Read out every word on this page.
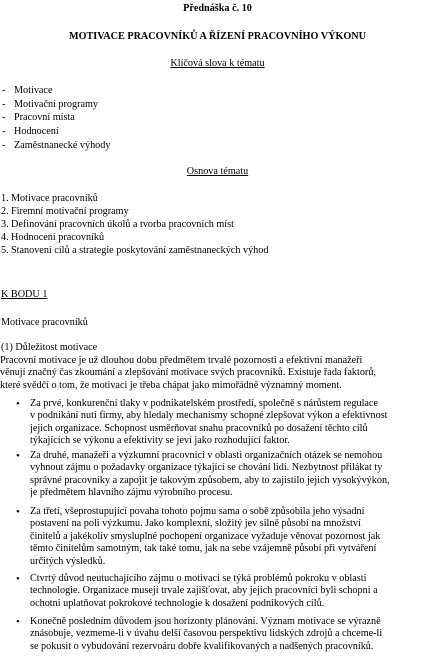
Přednáška č. 10
MOTIVACE PRACOVNÍKŮ A ŘÍZENÍ PRACOVNÍHO VÝKONU
Klíčová slova k tématu
- Motivace
- Motivační programy
- Pracovní místa
- Hodnocení
- Zaměstnanecké výhody
Osnova tématu
1. Motivace pracovníků
2. Firemní motivační programy
3. Definování pracovních úkolů a tvorba pracovních míst
4. Hodnocení pracovníků
5. Stanovení cílů a strategie poskytování zaměstnaneckých výhod
K BODU 1
Motivace pracovníků
(1) Důležitost motivace
Pracovní motivace je už dlouhou dobu předmětem trvalé pozornosti a efektivní manažeři
věnují značný čas zkoumání a zlepšování motivace svých pracovníků. Existuje řada faktorů,
které svědčí o tom, že motivaci je třeba chápat jako mimořádně významný moment.
• Za prvé, konkurenční tlaky v podnikatelském prostředí, společně s nárůstem regulace
v podnikání nutí firmy, aby hledaly mechanismy schopné zlepšovat výkon a efektivnost
jejich organizace. Schopnost usměrňovat snahu pracovníků po dosažení těchto cílů
týkajících se výkonu a efektivity se jeví jako rozhodující faktor.
• Za druhé, manažeři a výzkumní pracovníci v oblasti organizačních otázek se nemohou
vyhnout zájmu o požadavky organizace týkající se chování lidí. Nezbytnost přilákat ty
správné pracovníky a zapojit je takovým způsobem, aby to zajistilo jejich vysokývýkon,
je předmětem hlavního zájmu výrobního procesu.
• Za třetí, všeprostupující povaha tohoto pojmu sama o sobě způsobila jeho výsadní
postavení na poli výzkumu. Jako komplexní, složitý jev silně působí na množství
činitelů a jakékoliv smysluplné pochopení organizace vyžaduje věnovat pozornost jak
těmto činitelům samotným, tak také tomu, jak na sebe vzájemně působí při vytváření
určitých výsledků.
• Čtvrtý důvod neutuchajícího zájmu o motivaci se týká problémů pokroku v oblasti
technologie. Organizace musejí trvale zajišťovat, aby jejich pracovníci byli schopni a
ochotni uplatňovat pokrokové technologie k dosažení podnikových cílů.
• Konečně posledním důvodem jsou horizonty plánování. Význam motivace se výrazně
znásobuje, vezmeme-li v úvahu delší časovou perspektivu lidských zdrojů a chceme-li
se pokusit o vybudování rezervoáru dobře kvalifikovaných a nadšených pracovníků.
